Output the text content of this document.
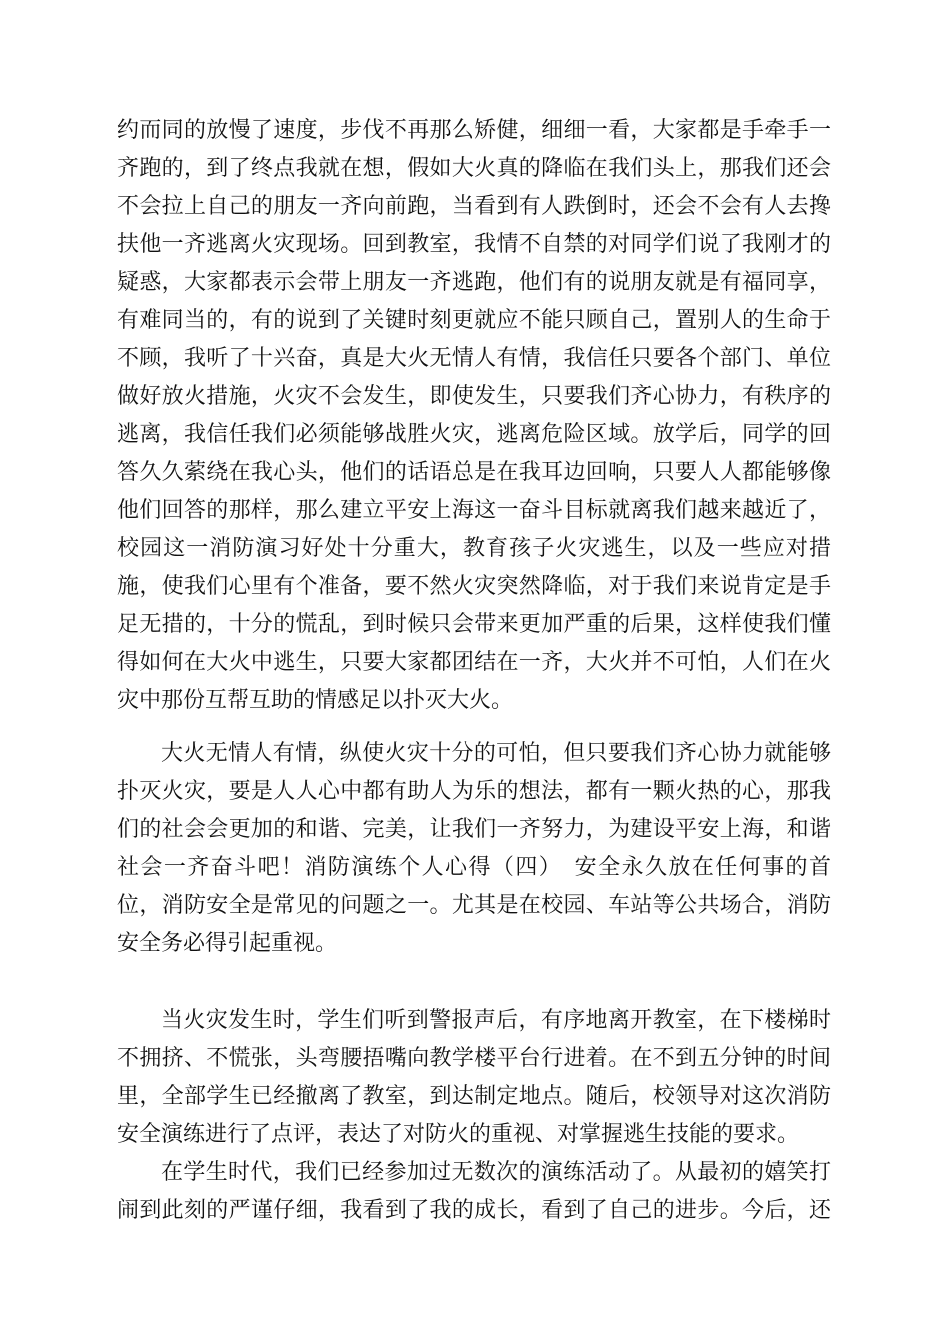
约而同的放慢了速度，步伐不再那么矫健，细细一看，大家都是手牵手一
齐跑的，到了终点我就在想，假如大火真的降临在我们头上，那我们还会
不会拉上自己的朋友一齐向前跑，当看到有人跌倒时，还会不会有人去搀
扶他一齐逃离火灾现场。回到教室，我情不自禁的对同学们说了我刚才的
疑惑，大家都表示会带上朋友一齐逃跑，他们有的说朋友就是有福同享，
有难同当的，有的说到了关键时刻更就应不能只顾自己，置别人的生命于
不顾，我听了十兴奋，真是大火无情人有情，我信任只要各个部门、单位
做好放火措施，火灾不会发生，即使发生，只要我们齐心协力，有秩序的
逃离，我信任我们必须能够战胜火灾，逃离危险区域。放学后，同学的回
答久久萦绕在我心头，他们的话语总是在我耳边回响，只要人人都能够像
他们回答的那样，那么建立平安上海这一奋斗目标就离我们越来越近了，
校园这一消防演习好处十分重大，教育孩子火灾逃生，以及一些应对措
施，使我们心里有个准备，要不然火灾突然降临，对于我们来说肯定是手
足无措的，十分的慌乱，到时候只会带来更加严重的后果，这样使我们懂
得如何在大火中逃生，只要大家都团结在一齐，大火并不可怕，人们在火
灾中那份互帮互助的情感足以扑灭大火。
大火无情人有情，纵使火灾十分的可怕，但只要我们齐心协力就能够
扑灭火灾，要是人人心中都有助人为乐的想法，都有一颗火热的心，那我
们的社会会更加的和谐、完美，让我们一齐努力，为建设平安上海，和谐
社会一齐奋斗吧！消防演练个人心得（四）　安全永久放在任何事的首
位，消防安全是常见的问题之一。尤其是在校园、车站等公共场合，消防
安全务必得引起重视。
当火灾发生时，学生们听到警报声后，有序地离开教室，在下楼梯时
不拥挤、不慌张，头弯腰捂嘴向教学楼平台行进着。在不到五分钟的时间
里，全部学生已经撤离了教室，到达制定地点。随后，校领导对这次消防
安全演练进行了点评，表达了对防火的重视、对掌握逃生技能的要求。
在学生时代，我们已经参加过无数次的演练活动了。从最初的嬉笑打
闹到此刻的严谨仔细，我看到了我的成长，看到了自己的进步。今后，还
